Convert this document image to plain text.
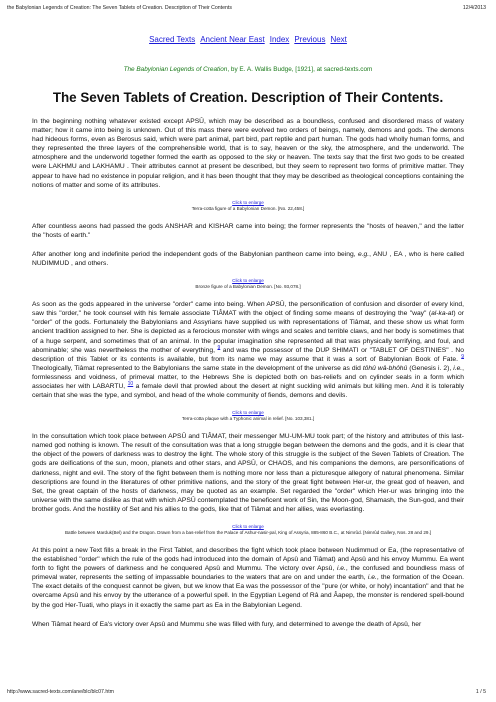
the Babylonian Legends of Creation: The Seven Tablets of Creation. Description of Their Contents	12/4/2013
Sacred Texts Ancient Near East Index Previous Next
The Babylonian Legends of Creation, by E. A. Wallis Budge, [1921], at sacred-texts.com
The Seven Tablets of Creation. Description of Their Contents.

In the beginning nothing whatever existed except APSÛ, which may be described as a boundless, confused and disordered mass of watery matter; how it came into being is unknown. Out of this mass there were evolved two orders of beings, namely, demons and gods. The demons had hideous forms, even as Berosus said, which were part animal, part bird, part reptile and part human. The gods had wholly human forms, and they represented the three layers of the comprehensible world, that is to say, heaven or the sky, the atmosphere, and the underworld. The atmosphere and the underworld together formed the earth as opposed to the sky or heaven. The texts say that the first two gods to be created were LAKHMU and LAKHAMU . Their attributes cannot at present be described, but they seem to represent two forms of primitive matter. They appear to have had no existence in popular religion, and it has been thought that they may be described as theological conceptions containing the notions of matter and some of its attributes.

Click to enlarge
Terra-cotta figure of a Babylonian Demon. [No. 22,458.]

After countless aeons had passed the gods ANSHAR and KISHAR came into being; the former represents the "hosts of heaven," and the latter the "hosts of earth."

After another long and indefinite period the independent gods of the Babylonian pantheon came into being, e.g., ANU , EA , who is here called NUDIMMUD , and others.

Click to enlarge
Bronze figure of a Babylonian Demon. [No. 93,078.]

As soon as the gods appeared in the universe "order" came into being. When APSÛ, the personification of confusion and disorder of every kind, saw this "order," he took counsel with his female associate TIÂMAT with the object of finding some means of destroying the "way" (al-ka-at) or "order" of the gods. Fortunately the Babylonians and Assyrians have supplied us with representations of Tiâmat, and these show us what form ancient tradition assigned to her. She is depicted as a ferocious monster with wings and scales and terrible claws, and her body is sometimes that of a huge serpent, and sometimes that of an animal. In the popular imagination she represented all that was physically terrifying, and foul, and abominable; she was nevertheless the mother of everything, $^9$ and was the possessor of the DUP SHIMATI or "TABLET OF DESTINIES" . No description of this Tablet or its contents is available, but from its name we may assume that it was a sort of Babylonian Book of Fate. $^9$ Theologically, Tiâmat represented to the Babylonians the same state in the development of the universe as did tôhû wâ-bhôhû (Genesis i. 2), i.e., formlessness and voidness, of primeval matter, to the Hebrews She is depicted both on bas-reliefs and on cylinder seals in a form which associates her with LABARTU, $^{10}$ a female devil that prowled about the desert at night suckling wild animals but killing men. And it is tolerably certain that she was the type, and symbol, and head of the whole community of fiends, demons and devils.

Click to enlarge
Terra-cotta plaque with a Typhonic animal in relief. [No. 103,381.]

In the consultation which took place between APSÛ and TIÂMAT, their messenger MU-UM-MU took part; of the history and attributes of this last-named god nothing is known. The result of the consultation was that a long struggle began between the demons and the gods, and it is clear that the object of the powers of darkness was to destroy the light. The whole story of this struggle is the subject of the Seven Tablets of Creation. The gods are deifications of the sun, moon, planets and other stars, and APSÛ, or CHAOS, and his companions the demons, are personifications of darkness, night and evil. The story of the fight between them is nothing more nor less than a picturesque allegory of natural phenomena. Similar descriptions are found in the literatures of other primitive nations, and the story of the great fight between Her-ur, the great god of heaven, and Set, the great captain of the hosts of darkness, may be quoted as an example. Set regarded the "order" which Her-ur was bringing into the universe with the same dislike as that with which APSÛ contemplated the beneficent work of Sin, the Moon-god, Shamash, the Sun-god, and their brother gods. And the hostility of Set and his allies to the gods, like that of Tiâmat and her allies, was everlasting.

Click to enlarge
Battle between Marduk(Bel) and the Dragon. Drawn from a bas-relief from the Palace of Ashur-nasir-pal, King of Assyria, 885-860 B.C., at Nimrûd. [Nimrûd Gallery, Nos. 28 and 29.]

At this point a new Text fills a break in the First Tablet, and describes the fight which took place between Nudimmud or Ea, (the representative of the established "order" which the rule of the gods had introduced into the domain of Apsû and Tiâmat) and Apsû and his envoy Mummu. Ea went forth to fight the powers of darkness and he conquered Apsû and Mummu. The victory over Apsû, i.e., the confused and boundless mass of primeval water, represents the setting of impassable boundaries to the waters that are on and under the earth, i.e., the formation of the Ocean. The exact details of the conquest cannot be given, but we know that Ea was the possessor of the "pure (or white, or holy) incantation" and that he overcame Apsû and his envoy by the utterance of a powerful spell. In the Egyptian Legend of Râ and Âapep, the monster is rendered spell-bound by the god Her-Tuati, who plays in it exactly the same part as Ea in the Babylonian Legend.

When Tiâmat heard of Ea's victory over Apsû and Mummu she was filled with fury, and determined to avenge the death of Apsû, her

http://www.sacred-texts.com/ane/blc/blc07.htm	1 / 5
